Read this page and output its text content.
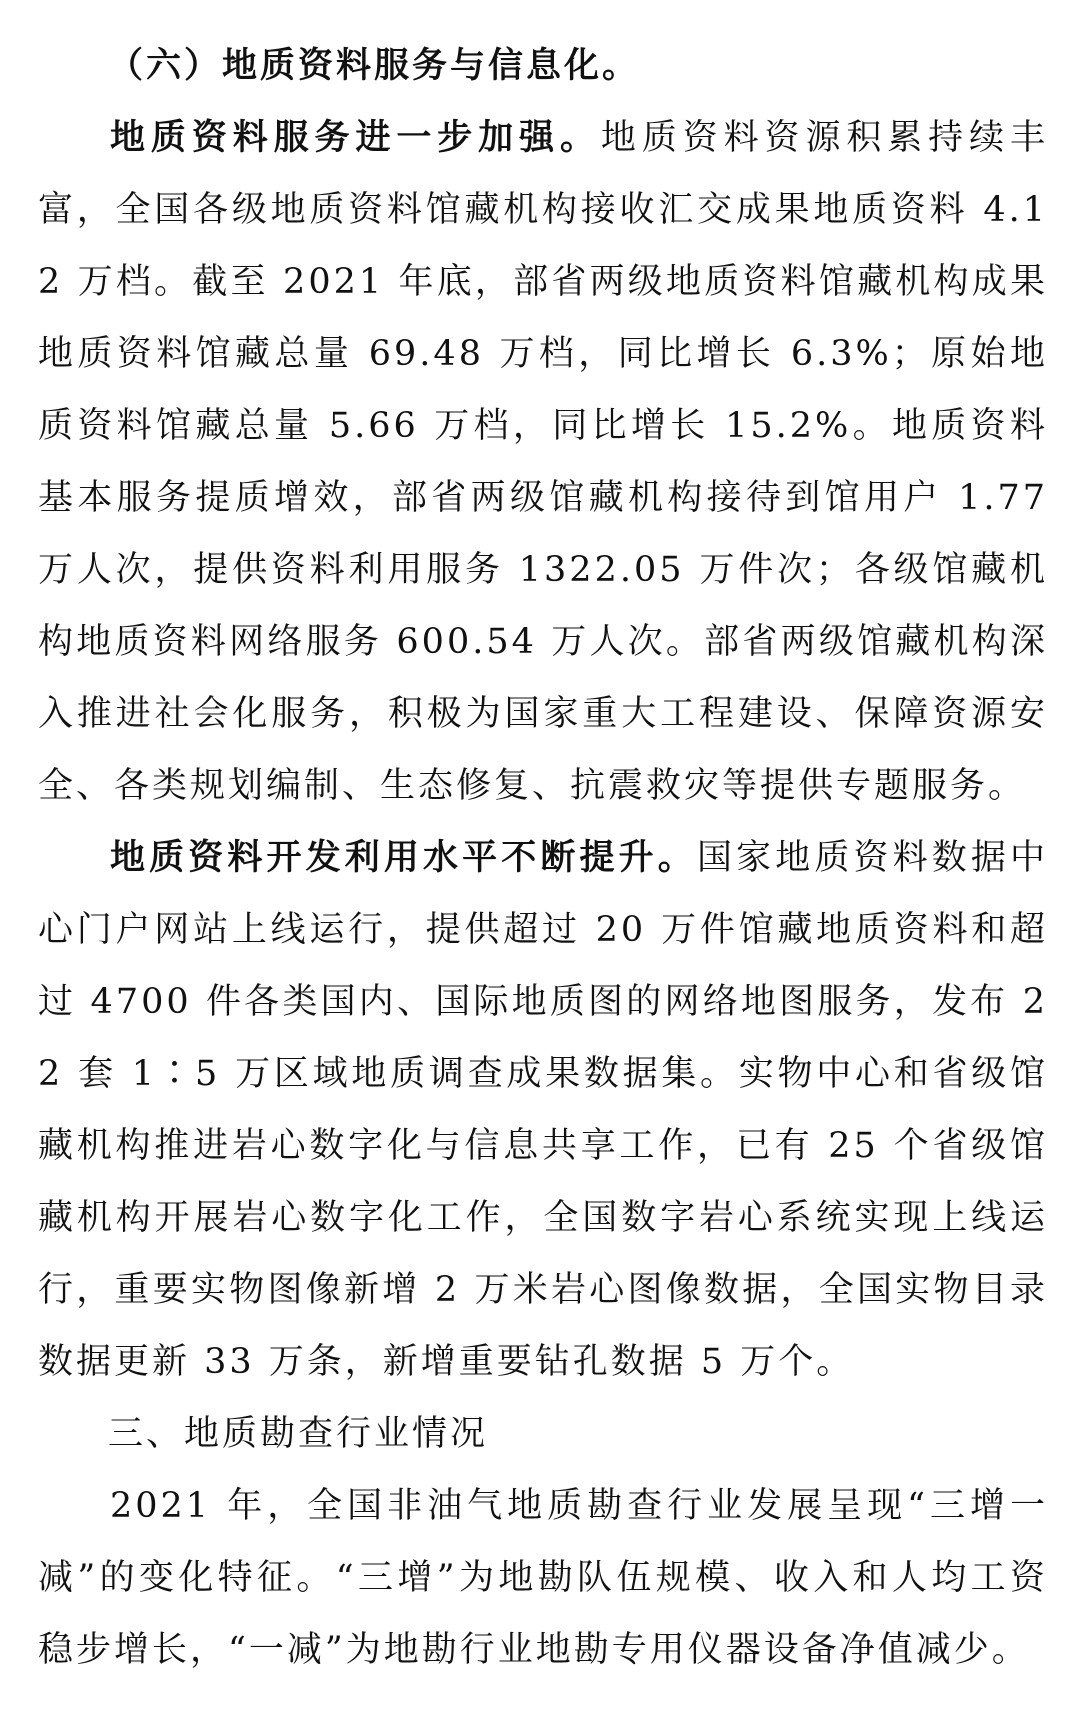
（六）地质资料服务与信息化。

地质资料服务进一步加强。地质资料资源积累持续丰富，全国各级地质资料馆藏机构接收汇交成果地质资料 4.12 万档。截至 2021 年底，部省两级地质资料馆藏机构成果地质资料馆藏总量 69.48 万档，同比增长 6.3%；原始地质资料馆藏总量 5.66 万档，同比增长 15.2%。地质资料基本服务提质增效，部省两级馆藏机构接待到馆用户 1.77 万人次，提供资料利用服务 1322.05 万件次；各级馆藏机构地质资料网络服务 600.54 万人次。部省两级馆藏机构深入推进社会化服务，积极为国家重大工程建设、保障资源安全、各类规划编制、生态修复、抗震救灾等提供专题服务。

地质资料开发利用水平不断提升。国家地质资料数据中心门户网站上线运行，提供超过 20 万件馆藏地质资料和超过 4700 件各类国内、国际地质图的网络地图服务，发布 22 套 1∶5 万区域地质调查成果数据集。实物中心和省级馆藏机构推进岩心数字化与信息共享工作，已有 25 个省级馆藏机构开展岩心数字化工作，全国数字岩心系统实现上线运行，重要实物图像新增 2 万米岩心图像数据，全国实物目录数据更新 33 万条，新增重要钻孔数据 5 万个。

三、地质勘查行业情况

2021 年，全国非油气地质勘查行业发展呈现“三增一减”的变化特征。“三增”为地勘队伍规模、收入和人均工资稳步增长，“一减”为地勘行业地勘专用仪器设备净值减少。
